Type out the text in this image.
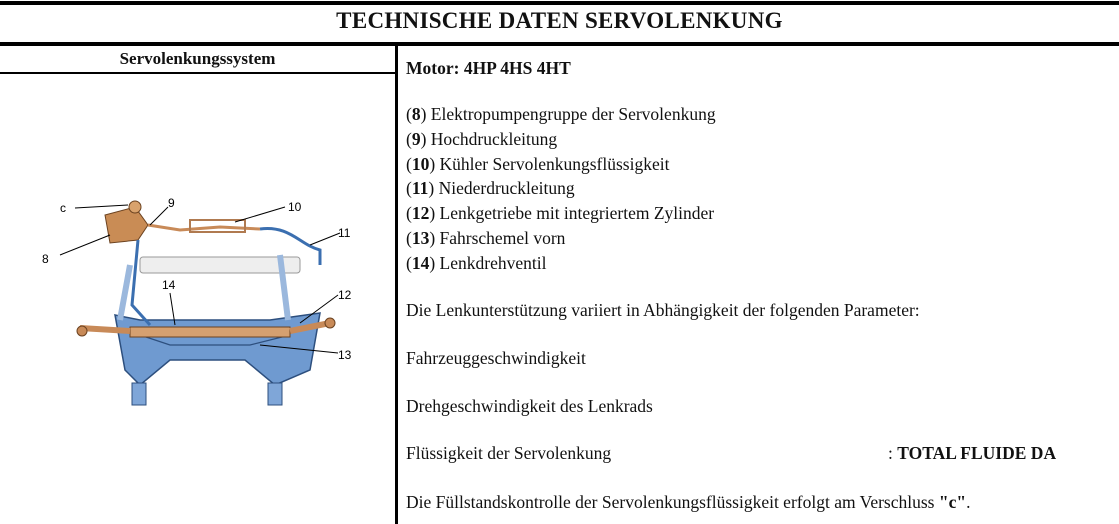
TECHNISCHE DATEN SERVOLENKUNG
Servolenkungssystem
c
8
9	10
11
12
13
14
Motor: 4HP 4HS 4HT
(8) Elektropumpengruppe der Servolenkung
(9) Hochdruckleitung
(10) Kühler Servolenkungsflüssigkeit
(11) Niederdruckleitung
(12) Lenkgetriebe mit integriertem Zylinder
(13) Fahrschemel vorn
(14) Lenkdrehventil
Die Lenkunterstützung variiert in Abhängigkeit der folgenden Parameter:
Fahrzeuggeschwindigkeit
Drehgeschwindigkeit des Lenkrads
Flüssigkeit der Servolenkung	: TOTAL FLUIDE DA
Die Füllstandskontrolle der Servolenkungsflüssigkeit erfolgt am Verschluss "c".
